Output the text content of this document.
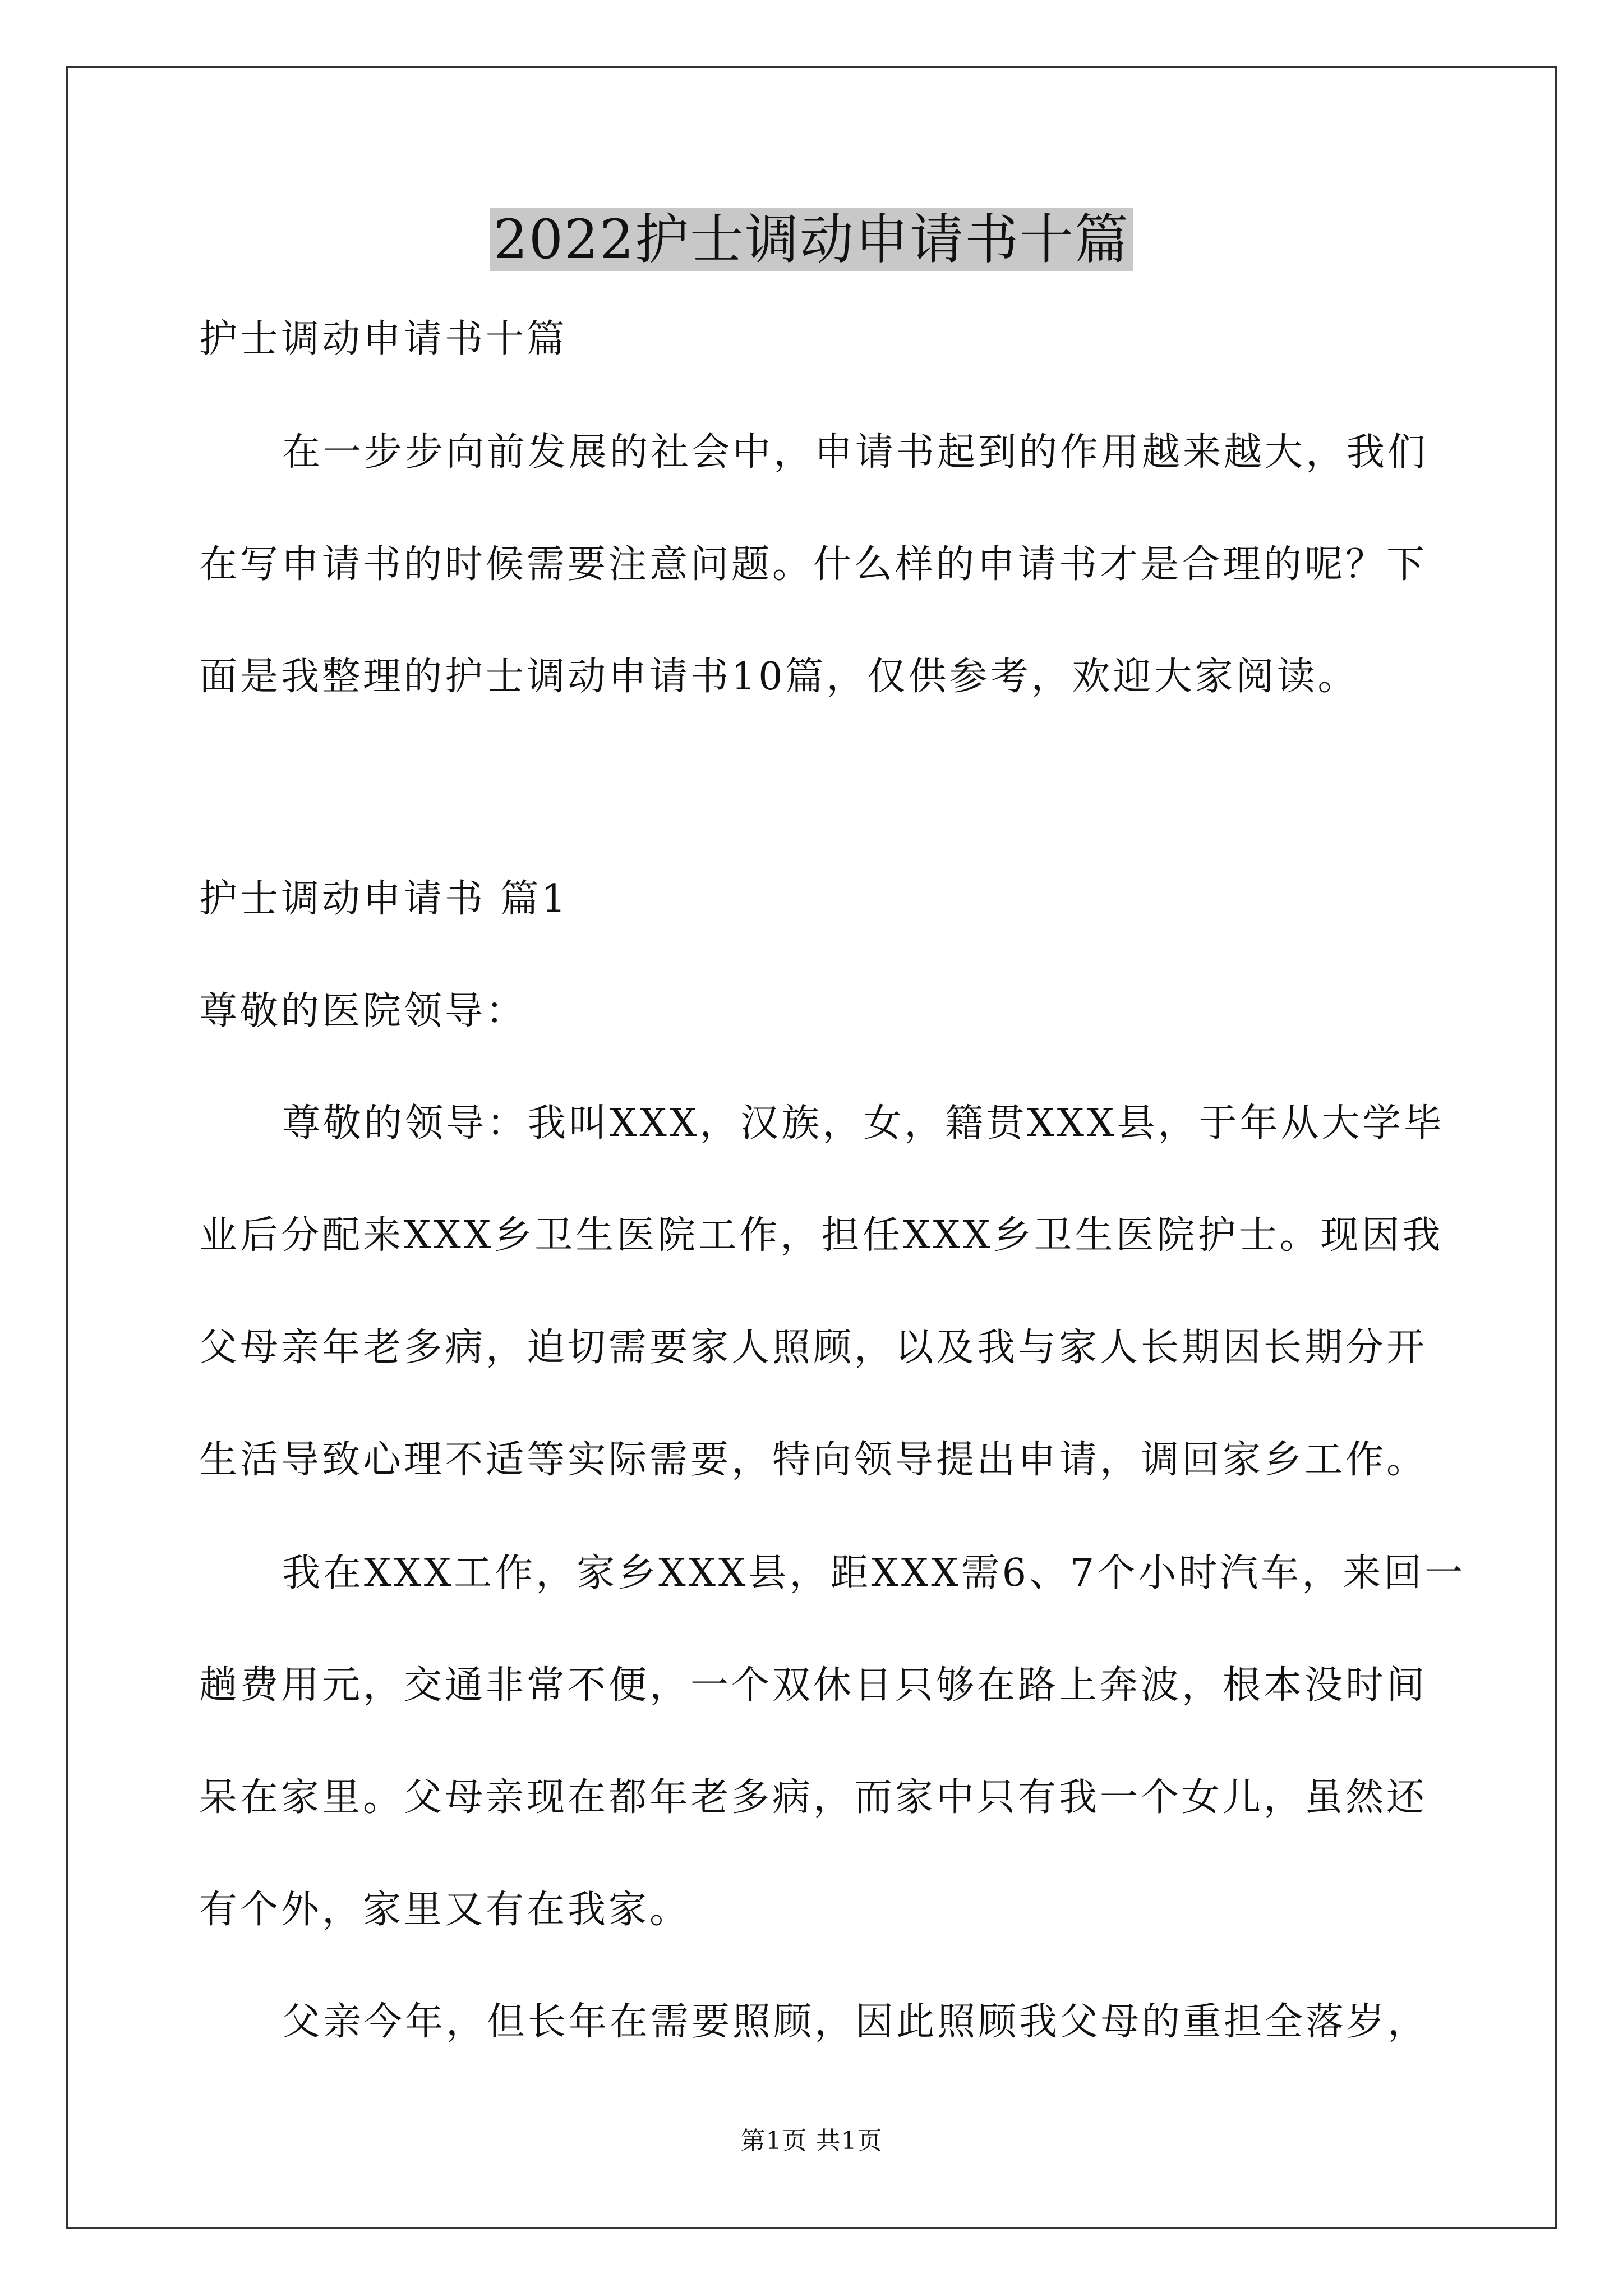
2022护士调动申请书十篇
护士调动申请书十篇
在一步步向前发展的社会中，申请书起到的作用越来越大，我们
在写申请书的时候需要注意问题。什么样的申请书才是合理的呢？下
面是我整理的护士调动申请书10篇，仅供参考，欢迎大家阅读。
护士调动申请书 篇1
尊敬的医院领导：
尊敬的领导：我叫XXX，汉族，女，籍贯XXX县，于年从大学毕
业后分配来XXX乡卫生医院工作，担任XXX乡卫生医院护士。现因我
父母亲年老多病，迫切需要家人照顾，以及我与家人长期因长期分开
生活导致心理不适等实际需要，特向领导提出申请，调回家乡工作。
我在XXX工作，家乡XXX县，距XXX需6、7个小时汽车，来回一
趟费用元，交通非常不便，一个双休日只够在路上奔波，根本没时间
呆在家里。父母亲现在都年老多病，而家中只有我一个女儿，虽然还
有个外，家里又有在我家。
父亲今年，但长年在需要照顾，因此照顾我父母的重担全落岁，
第1页 共1页
